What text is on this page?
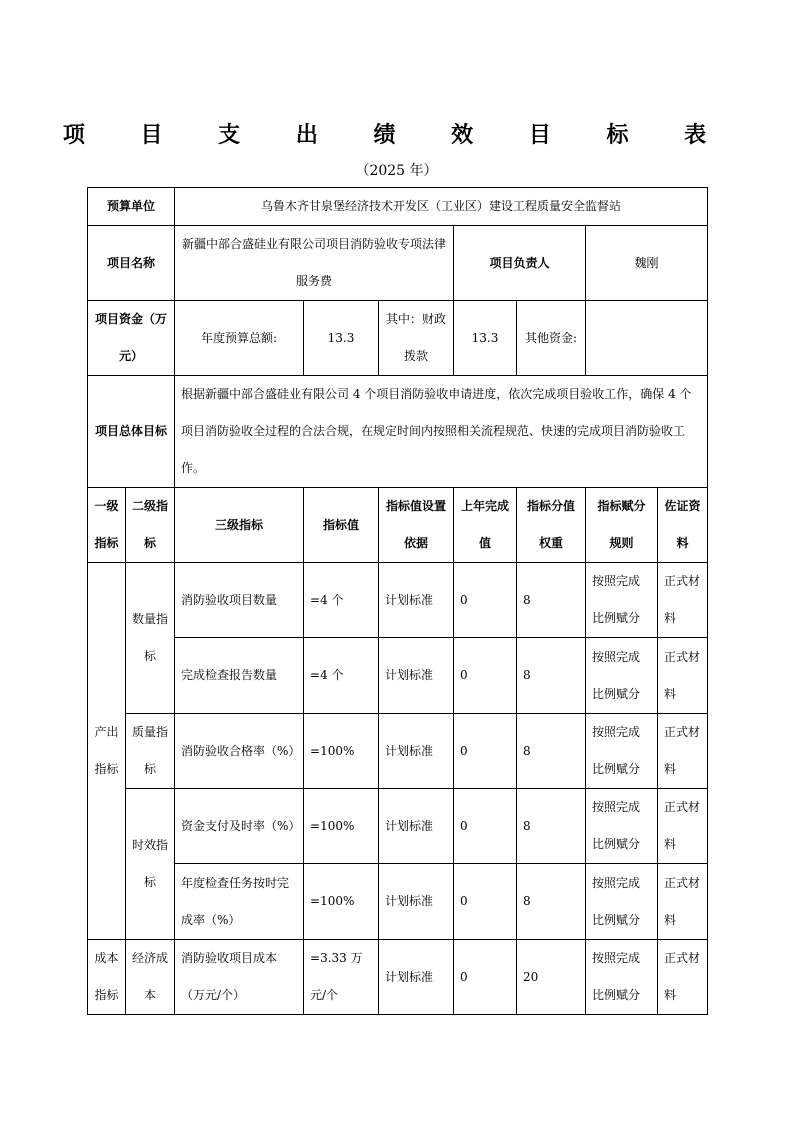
项 目 支 出 绩 效 目 标 表
（2025 年）
预算单位		乌鲁木齐甘泉堡经济技术开发区（工业区）建设工程质量安全监督站						
项目名称		新疆中部合盛硅业有限公司项目消防验收专项法律服务费			项目负责人		魏刚	
项目资金（万元）		年度预算总额:	13.3	其中：财政拨款	13.3	其他资金:		
项目总体目标		根据新疆中部合盛硅业有限公司 4 个项目消防验收申请进度，依次完成项目验收工作，确保 4 个项目消防验收全过程的合法合规，在规定时间内按照相关流程规范、快速的完成项目消防验收工作。						
一级指标	二级指标	三级指标	指标值	指标值设置依据	上年完成值	指标分值权重	指标赋分规则	佐证资料
产出指标	数量指标	消防验收项目数量	=4 个	计划标准	0	8	按照完成比例赋分	正式材料
		完成检查报告数量	=4 个	计划标准	0	8	按照完成比例赋分	正式材料
	质量指标	消防验收合格率（%）	=100%	计划标准	0	8	按照完成比例赋分	正式材料
	时效指标	资金支付及时率（%）	=100%	计划标准	0	8	按照完成比例赋分	正式材料
		年度检查任务按时完成率（%）	=100%	计划标准	0	8	按照完成比例赋分	正式材料
成本指标	经济成本	消防验收项目成本（万元/个）	=3.33 万元/个	计划标准	0	20	按照完成比例赋分	正式材料
